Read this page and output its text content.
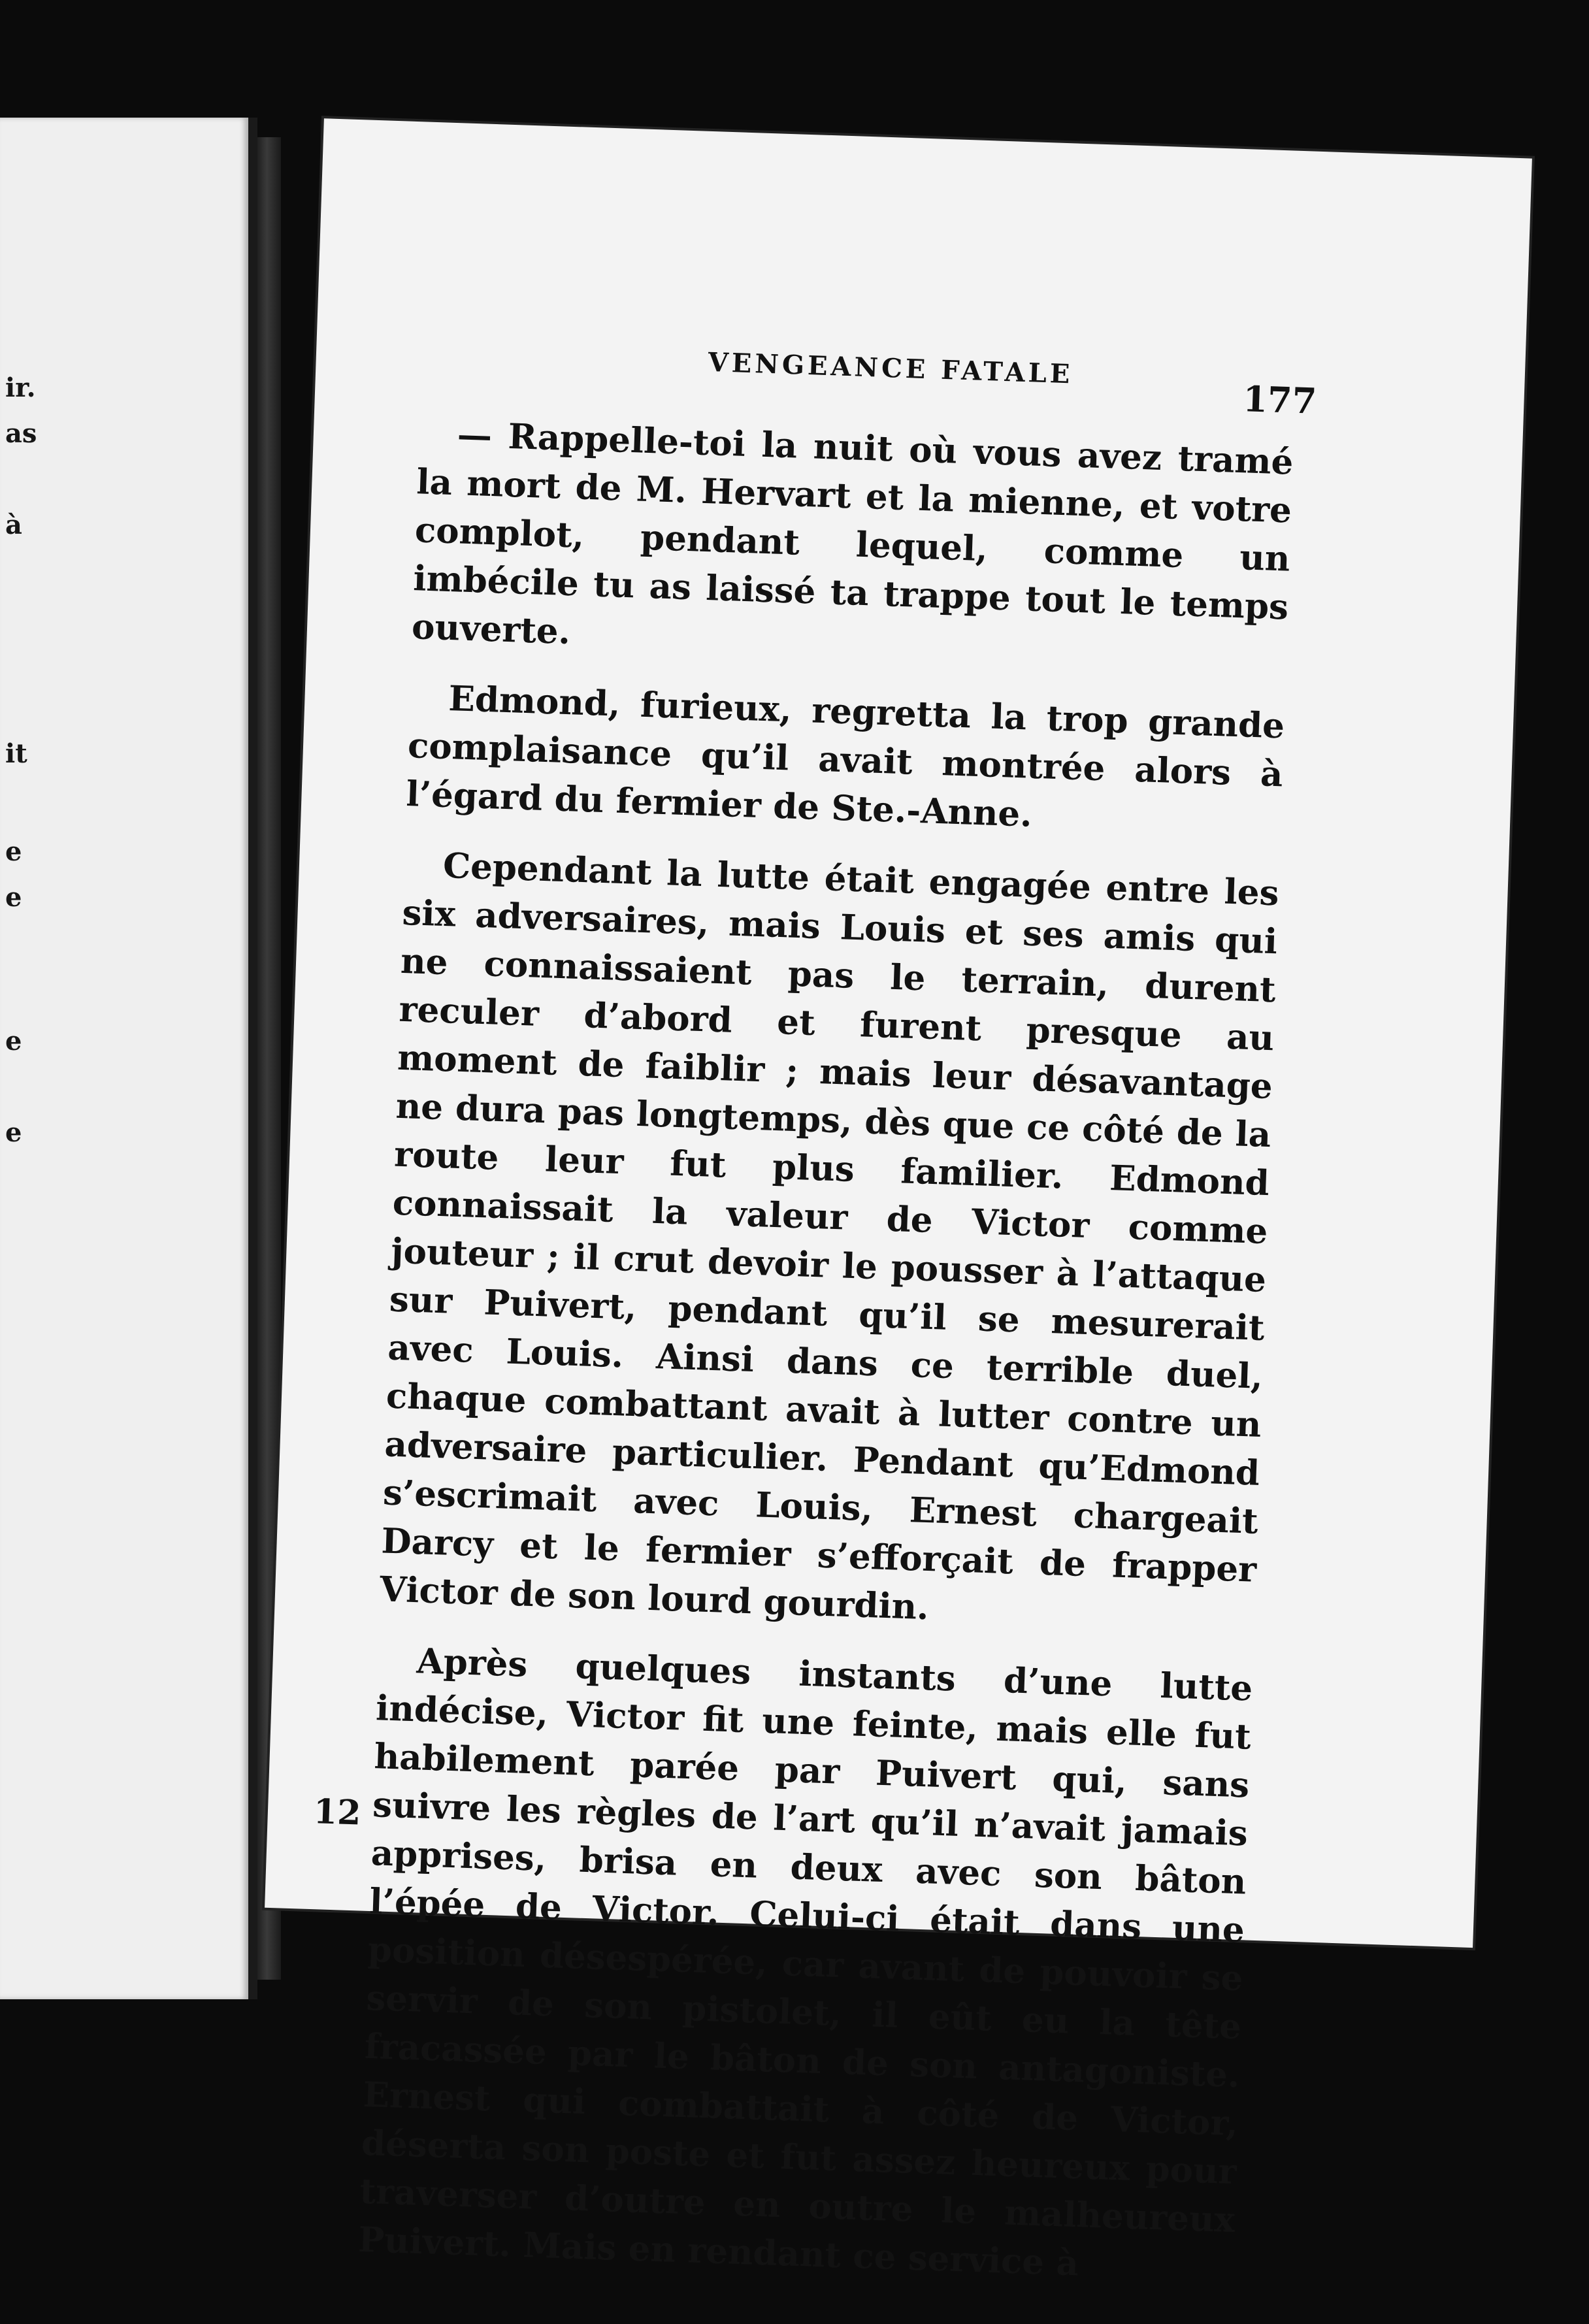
ir.
as
à
it
e
e
e
e
VENGEANCE FATALE
177

— Rappelle-toi la nuit où vous avez tramé la mort de M. Hervart et la mienne, et votre complot, pendant lequel, comme un imbécile tu as laissé ta trappe tout le temps ouverte.

Edmond, furieux, regretta la trop grande complaisance qu’il avait montrée alors à l’égard du fermier de Ste.-Anne.

Cependant la lutte était engagée entre les six adversaires, mais Louis et ses amis qui ne connaissaient pas le terrain, durent reculer d’abord et furent presque au moment de faiblir ; mais leur désavantage ne dura pas longtemps, dès que ce côté de la route leur fut plus familier. Edmond connaissait la valeur de Victor comme jouteur ; il crut devoir le pousser à l’attaque sur Puivert, pendant qu’il se mesurerait avec Louis. Ainsi dans ce terrible duel, chaque combattant avait à lutter contre un adversaire particulier. Pendant qu’Edmond s’escrimait avec Louis, Ernest chargeait Darcy et le fermier s’efforçait de frapper Victor de son lourd gourdin.

Après quelques instants d’une lutte indécise, Victor fit une feinte, mais elle fut habilement parée par Puivert qui, sans suivre les règles de l’art qu’il n’avait jamais apprises, brisa en deux avec son bâton l’épée de Victor. Celui-ci était dans une position désespérée, car avant de pouvoir se servir de son pistolet, il eût eu la tête fracassée par le bâton de son antagoniste. Ernest qui combattait à côté de Victor, déserta son poste et fut assez heureux pour traverser d’outre en outre le malheureux Puivert. Mais en rendant ce service à

12
